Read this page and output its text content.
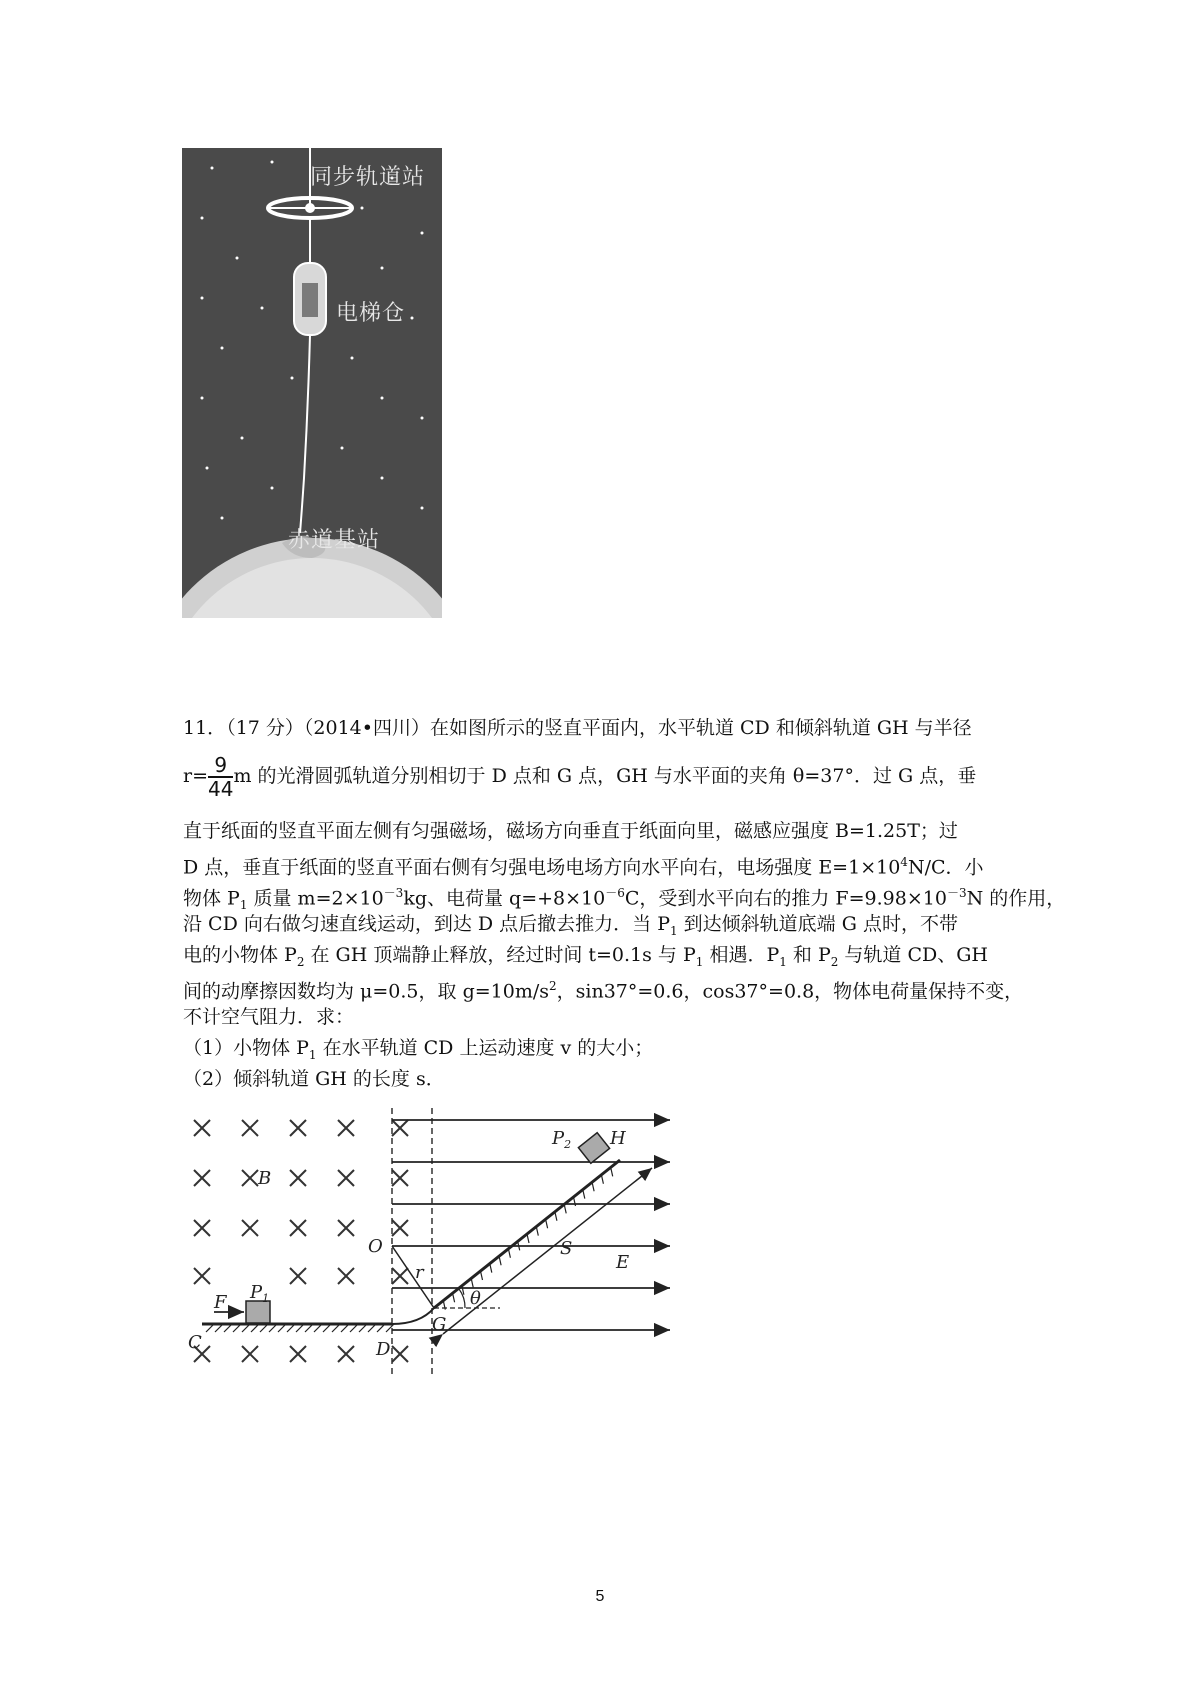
同步轨道站
电梯仓
赤道基站
11．（17 分）（2014•四川）在如图所示的竖直平面内，水平轨道 CD 和倾斜轨道 GH 与半径
$r= \frac{9}{44}$ m 的光滑圆弧轨道分别相切于 D 点和 G 点，GH 与水平面的夹角 θ=37°．过 G 点，垂
直于纸面的竖直平面左侧有匀强磁场，磁场方向垂直于纸面向里，磁感应强度 B=1.25T；过
D 点，垂直于纸面的竖直平面右侧有匀强电场电场方向水平向右，电场强度 $E=1\times 10^4N/C$．小
物体 $P_1$ 质量 $m=2\times 10^{-3}kg$、电荷量 $q=+8\times 10^{-6}C$，受到水平向右的推力 $F=9.98\times 10^{-3}N$ 的作用，
沿 CD 向右做匀速直线运动，到达 D 点后撤去推力．当 $P_1$ 到达倾斜轨道底端 G 点时，不带
电的小物体 $P_2$ 在 GH 顶端静止释放，经过时间 t=0.1s 与 $P_1$ 相遇．$P_1$ 和 $P_2$ 与轨道 CD、GH
间的动摩擦因数均为 μ=0.5，取 $g=10m/s^2$，sin37°=0.6，cos37°=0.8，物体电荷量保持不变，
不计空气阻力．求：
（1）小物体 $P_1$ 在水平轨道 CD 上运动速度 v 的大小；
（2）倾斜轨道 GH 的长度 s．
B
O
r
F $P_1$
$P_2$ H
C	D
G
θ
S
E
5
